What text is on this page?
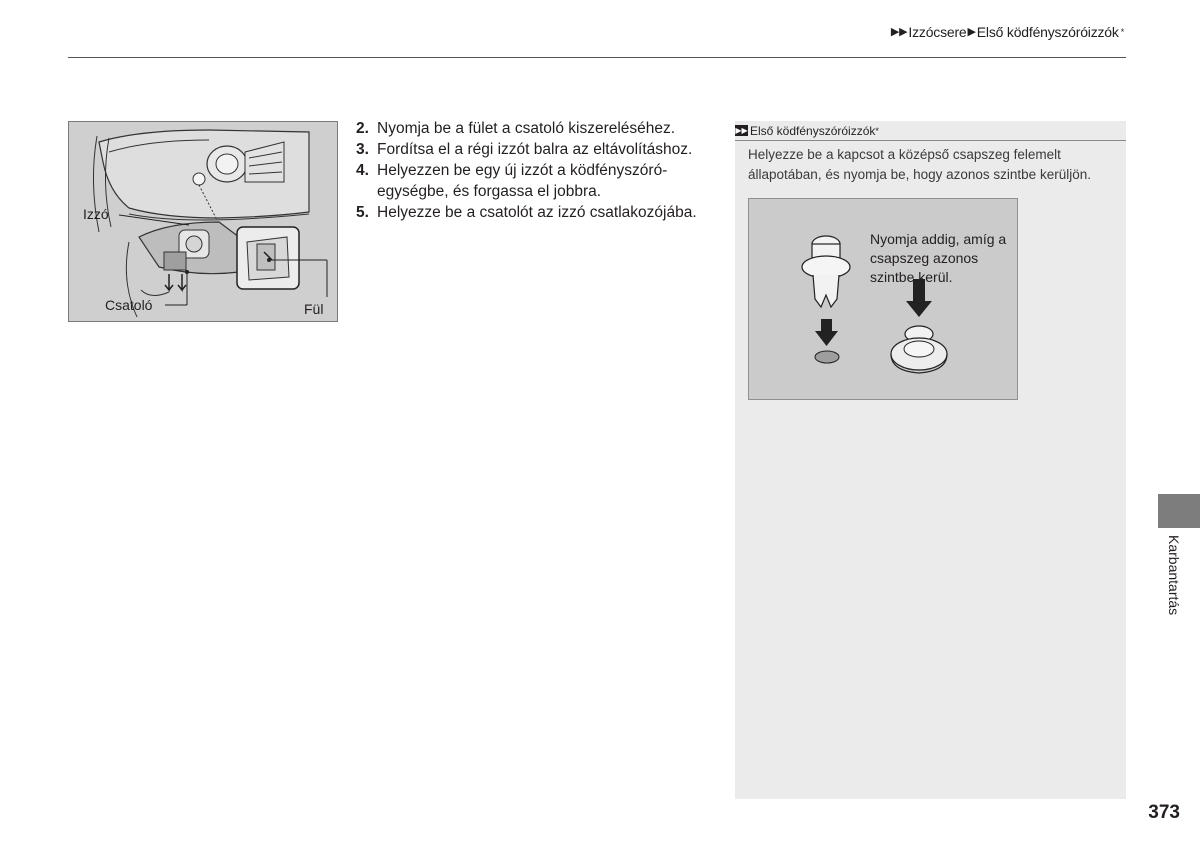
▶▶ Izzócsere ▶ Első ködfényszóróizzók *
Izzó
Csatoló	Fül
2. Nyomja be a fület a csatoló kiszereléséhez.
3. Fordítsa el a régi izzót balra az eltávolításhoz.
4. Helyezzen be egy új izzót a ködfényszóró-egységbe, és forgassa el jobbra.
5. Helyezze be a csatolót az izzó csatlakozójába.
▶▶ Első ködfényszóróizzók *
Helyezze be a kapcsot a középső csapszeg felemelt állapotában, és nyomja be, hogy azonos szintbe kerüljön.
Nyomja addig, amíg a csapszeg azonos szintbe kerül.
Karbantartás
373
